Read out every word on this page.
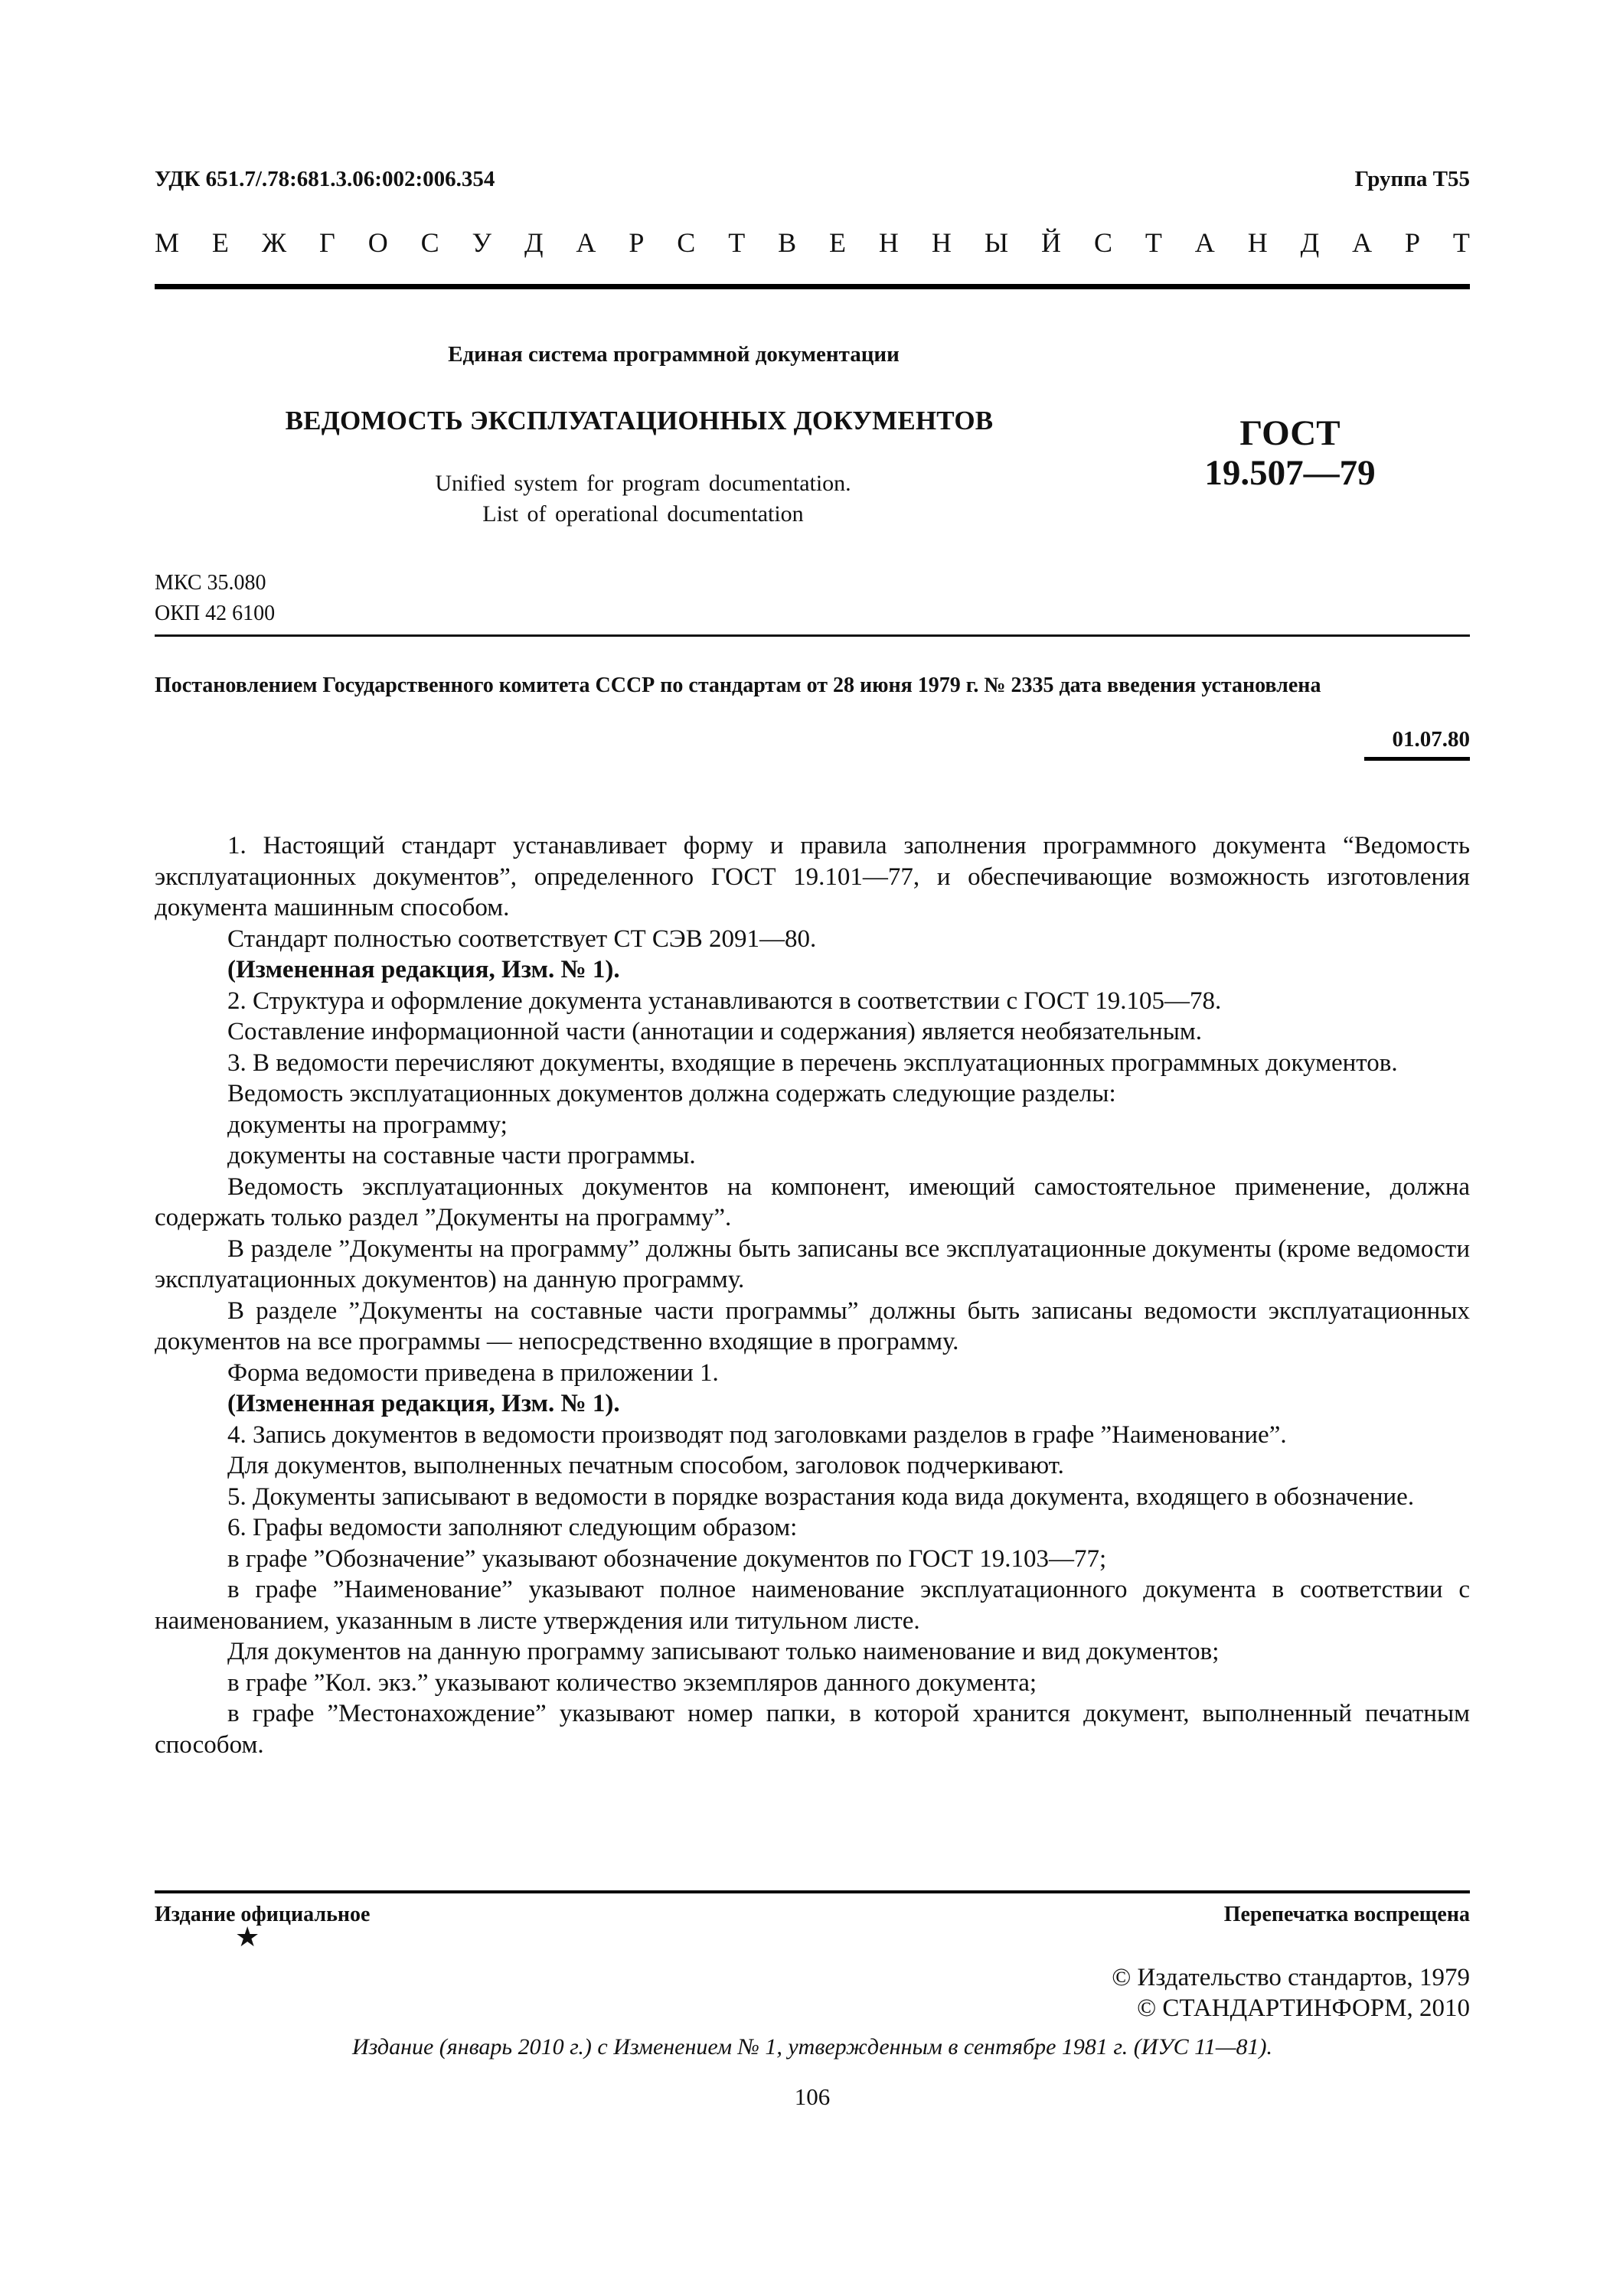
УДК 651.7/.78:681.3.06:002:006.354	Группа Т55
М Е Ж Г О С У Д А Р С Т В Е Н Н Ы Й С Т А Н Д А Р Т
Единая система программной документации
ВЕДОМОСТЬ ЭКСПЛУАТАЦИОННЫХ ДОКУМЕНТОВ	ГОСТ
19.507—79
Unified system for program documentation.
List of operational documentation
МКС 35.080
ОКП 42 6100
Постановлением Государственного комитета СССР по стандартам от 28 июня 1979 г. № 2335 дата введения установлена
01.07.80

1. Настоящий стандарт устанавливает форму и правила заполнения программного документа “Ведомость эксплуатационных документов”, определенного ГОСТ 19.101—77, и обеспечивающие возможность изготовления документа машинным способом.

Стандарт полностью соответствует СТ СЭВ 2091—80.

(Измененная редакция, Изм. № 1).

2. Структура и оформление документа устанавливаются в соответствии с ГОСТ 19.105—78.

Составление информационной части (аннотации и содержания) является необязательным.

3. В ведомости перечисляют документы, входящие в перечень эксплуатационных программных документов.

Ведомость эксплуатационных документов должна содержать следующие разделы:

документы на программу;

документы на составные части программы.

Ведомость эксплуатационных документов на компонент, имеющий самостоятельное применение, должна содержать только раздел ”Документы на программу”.

В разделе ”Документы на программу” должны быть записаны все эксплуатационные документы (кроме ведомости эксплуатационных документов) на данную программу.

В разделе ”Документы на составные части программы” должны быть записаны ведомости эксплуатационных документов на все программы — непосредственно входящие в программу.

Форма ведомости приведена в приложении 1.

(Измененная редакция, Изм. № 1).

4. Запись документов в ведомости производят под заголовками разделов в графе ”Наименование”.

Для документов, выполненных печатным способом, заголовок подчеркивают.

5. Документы записывают в ведомости в порядке возрастания кода вида документа, входящего в обозначение.

6. Графы ведомости заполняют следующим образом:

в графе ”Обозначение” указывают обозначение документов по ГОСТ 19.103—77;

в графе ”Наименование” указывают полное наименование эксплуатационного документа в соответствии с наименованием, указанным в листе утверждения или титульном листе.

Для документов на данную программу записывают только наименование и вид документов;

в графе ”Кол. экз.” указывают количество экземпляров данного документа;

в графе ”Местонахождение” указывают номер папки, в которой хранится документ, выполненный печатным способом.

Издание официальное	Перепечатка воспрещена
★
© Издательство стандартов, 1979
© СТАНДАРТИНФОРМ, 2010
Издание (январь 2010 г.) с Изменением № 1, утвержденным в сентябре 1981 г. (ИУС 11—81).
106
